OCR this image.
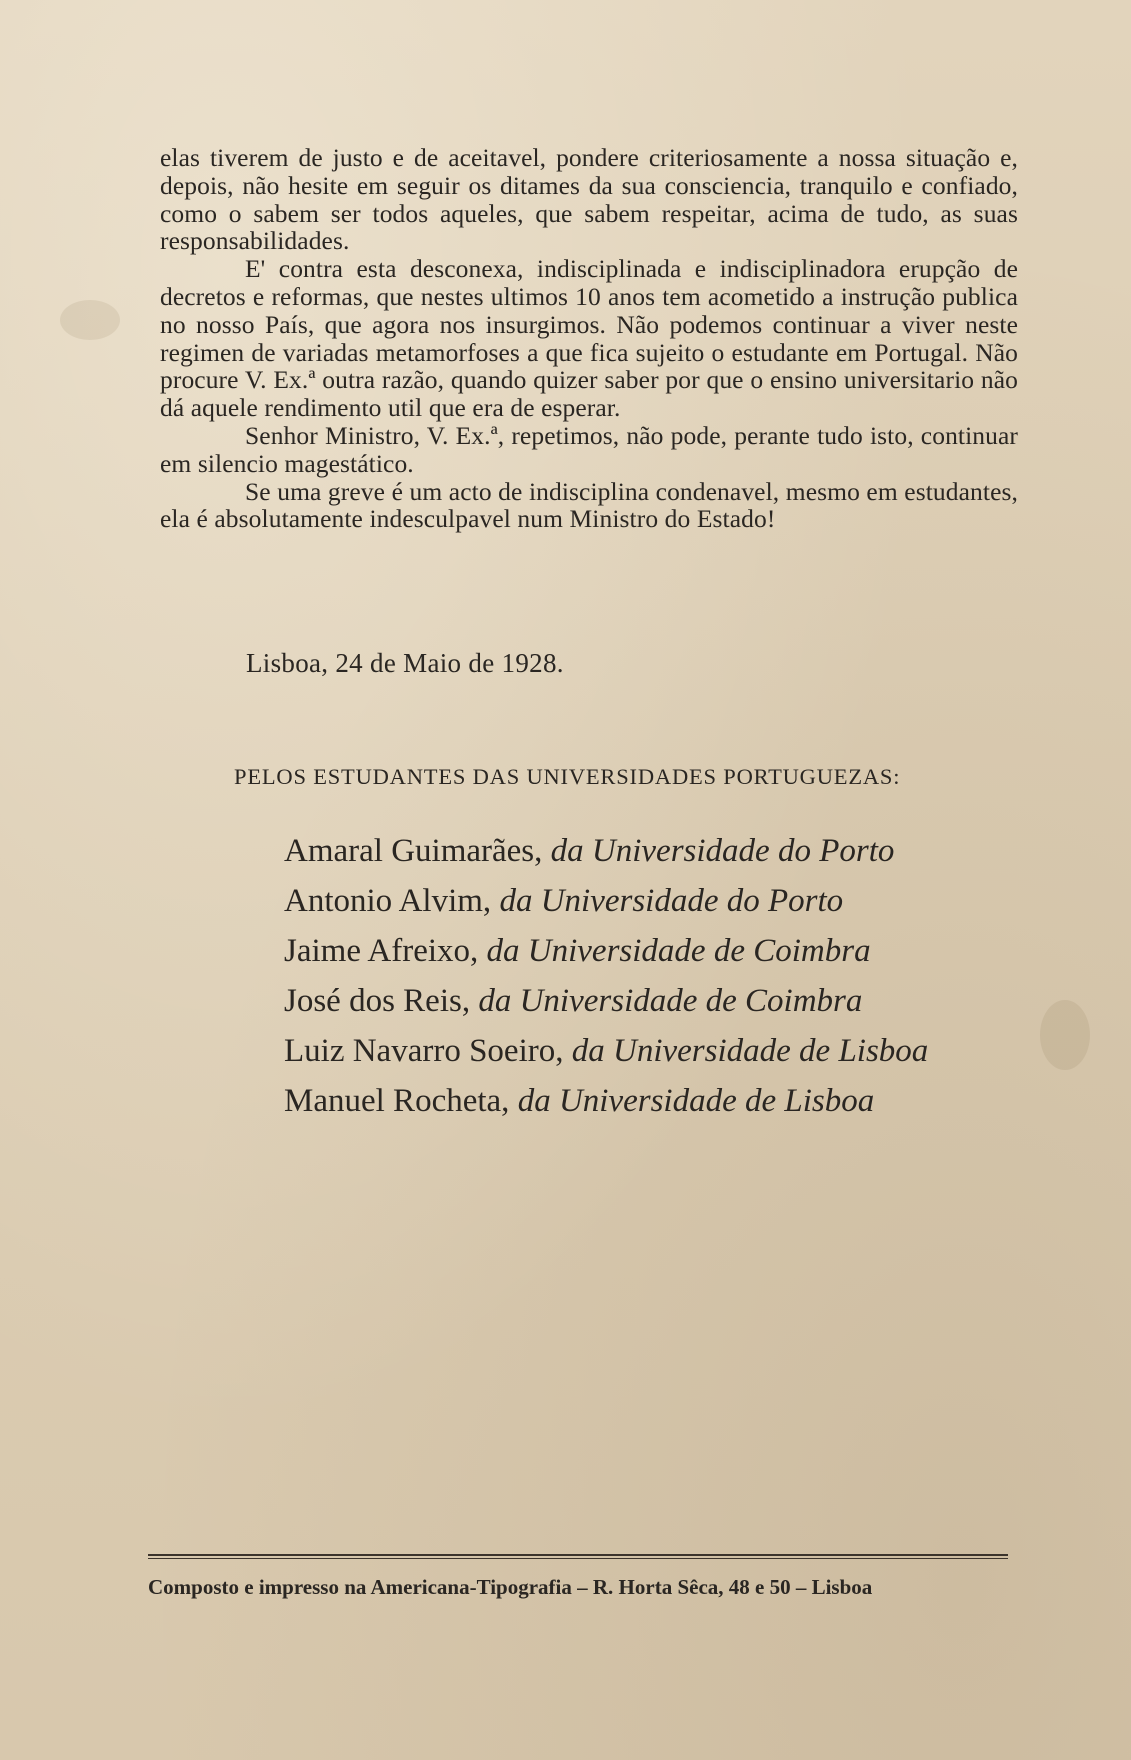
elas tiverem de justo e de aceitavel, pondere criteriosamente a nossa situação e, depois, não hesite em seguir os ditames da sua consciencia, tranquilo e confiado, como o sabem ser todos aqueles, que sabem respeitar, acima de tudo, as suas responsabilidades.

E' contra esta desconexa, indisciplinada e indisciplinadora erupção de decretos e reformas, que nestes ultimos 10 anos tem acometido a instrução publica no nosso País, que agora nos insurgimos. Não podemos continuar a viver neste regimen de variadas metamorfoses a que fica sujeito o estudante em Portugal. Não procure V. Ex.ª outra razão, quando quizer saber por que o ensino universitario não dá aquele rendimento util que era de esperar.

Senhor Ministro, V. Ex.ª, repetimos, não pode, perante tudo isto, continuar em silencio magestático.

Se uma greve é um acto de indisciplina condenavel, mesmo em estudantes, ela é absolutamente indesculpavel num Ministro do Estado!

Lisboa, 24 de Maio de 1928.
PELOS ESTUDANTES DAS UNIVERSIDADES PORTUGUEZAS:
Amaral Guimarães, da Universidade do Porto
Antonio Alvim, da Universidade do Porto
Jaime Afreixo, da Universidade de Coimbra
José dos Reis, da Universidade de Coimbra
Luiz Navarro Soeiro, da Universidade de Lisboa
Manuel Rocheta, da Universidade de Lisboa
Composto e impresso na Americana-Tipografia – R. Horta Sêca, 48 e 50 – Lisboa
